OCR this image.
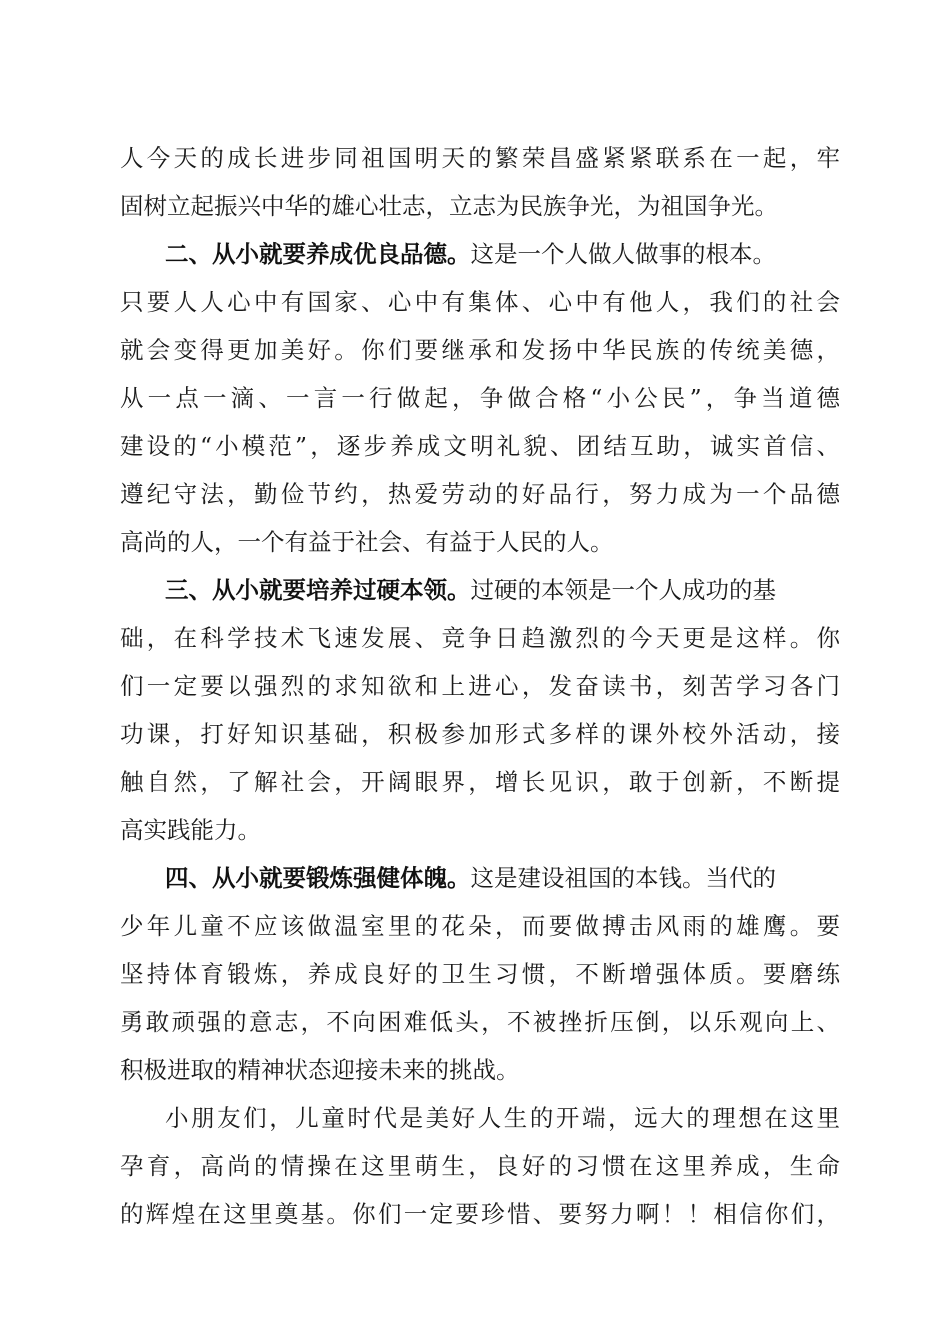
人今天的成长进步同祖国明天的繁荣昌盛紧紧联系在一起，牢
固树立起振兴中华的雄心壮志，立志为民族争光，为祖国争光。
二、从小就要养成优良品德。这是一个人做人做事的根本。
只要人人心中有国家、心中有集体、心中有他人，我们的社会
就会变得更加美好。你们要继承和发扬中华民族的传统美德，
从一点一滴、一言一行做起，争做合格“小公民”，争当道德
建设的“小模范”，逐步养成文明礼貌、团结互助，诚实首信、
遵纪守法，勤俭节约，热爱劳动的好品行，努力成为一个品德
高尚的人，一个有益于社会、有益于人民的人。
三、从小就要培养过硬本领。过硬的本领是一个人成功的基
础，在科学技术飞速发展、竞争日趋激烈的今天更是这样。你
们一定要以强烈的求知欲和上进心，发奋读书，刻苦学习各门
功课，打好知识基础，积极参加形式多样的课外校外活动，接
触自然，了解社会，开阔眼界，增长见识，敢于创新，不断提
高实践能力。
四、从小就要锻炼强健体魄。这是建设祖国的本钱。当代的
少年儿童不应该做温室里的花朵，而要做搏击风雨的雄鹰。要
坚持体育锻炼，养成良好的卫生习惯，不断增强体质。要磨练
勇敢顽强的意志，不向困难低头，不被挫折压倒，以乐观向上、
积极进取的精神状态迎接未来的挑战。
小朋友们，儿童时代是美好人生的开端，远大的理想在这里
孕育，高尚的情操在这里萌生，良好的习惯在这里养成，生命
的辉煌在这里奠基。你们一定要珍惜、要努力啊！！相信你们，
